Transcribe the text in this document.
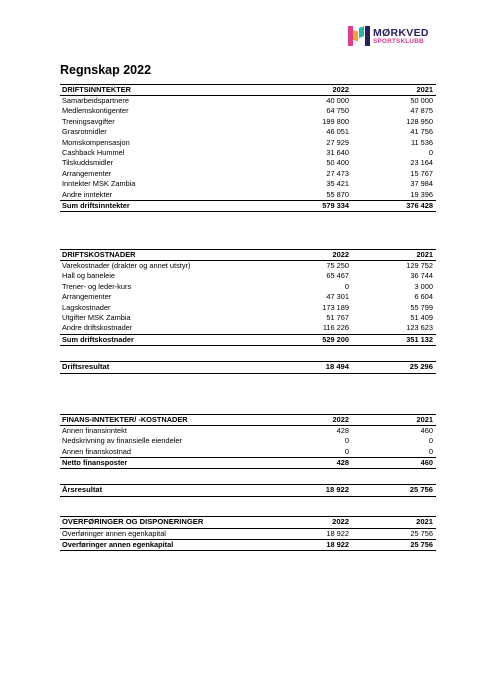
MØRKVED
SPORTSKLUBB
Regnskap 2022
DRIFTSINNTEKTER	2022	2021
Samarbeidspartnere	40 000	50 000
Medlemskontigenter	64 750	47 875
Treningsavgifter	199 800	128 950
Grasrotmidler	46 051	41 756
Momskompensasjon	27 929	11 536
Cashback Hummel	31 640	0
Tilskuddsmidler	50 400	23 164
Arrangementer	27 473	15 767
Inntekter MSK Zambia	35 421	37 984
Andre inntekter	55 870	19 396
Sum driftsinntekter	579 334	376 428
DRIFTSKOSTNADER	2022	2021
Varekostnader (drakter og annet utstyr)	75 250	129 752
Hall og baneleie	65 467	36 744
Trener- og leder-kurs	0	3 000
Arrangementer	47 301	6 604
Lagskostnader	173 189	55 799
Utgifter MSK Zambia	51 767	51 409
Andre driftskostnader	116 226	123 623
Sum driftskostnader	529 200	351 132
Driftsresultat	18 494	25 296
FINANS-INNTEKTER/ -KOSTNADER	2022	2021
Annen finansinntekt	428	460
Nedskrivning av finansielle eiendeler	0	0
Annen finanskostnad	0	0
Netto finansposter	428	460
Årsresultat	18 922	25 756
OVERFØRINGER OG DISPONERINGER	2022	2021
Overføringer annen egenkapital	18 922	25 756
Overføringer annen egenkapital	18 922	25 756
